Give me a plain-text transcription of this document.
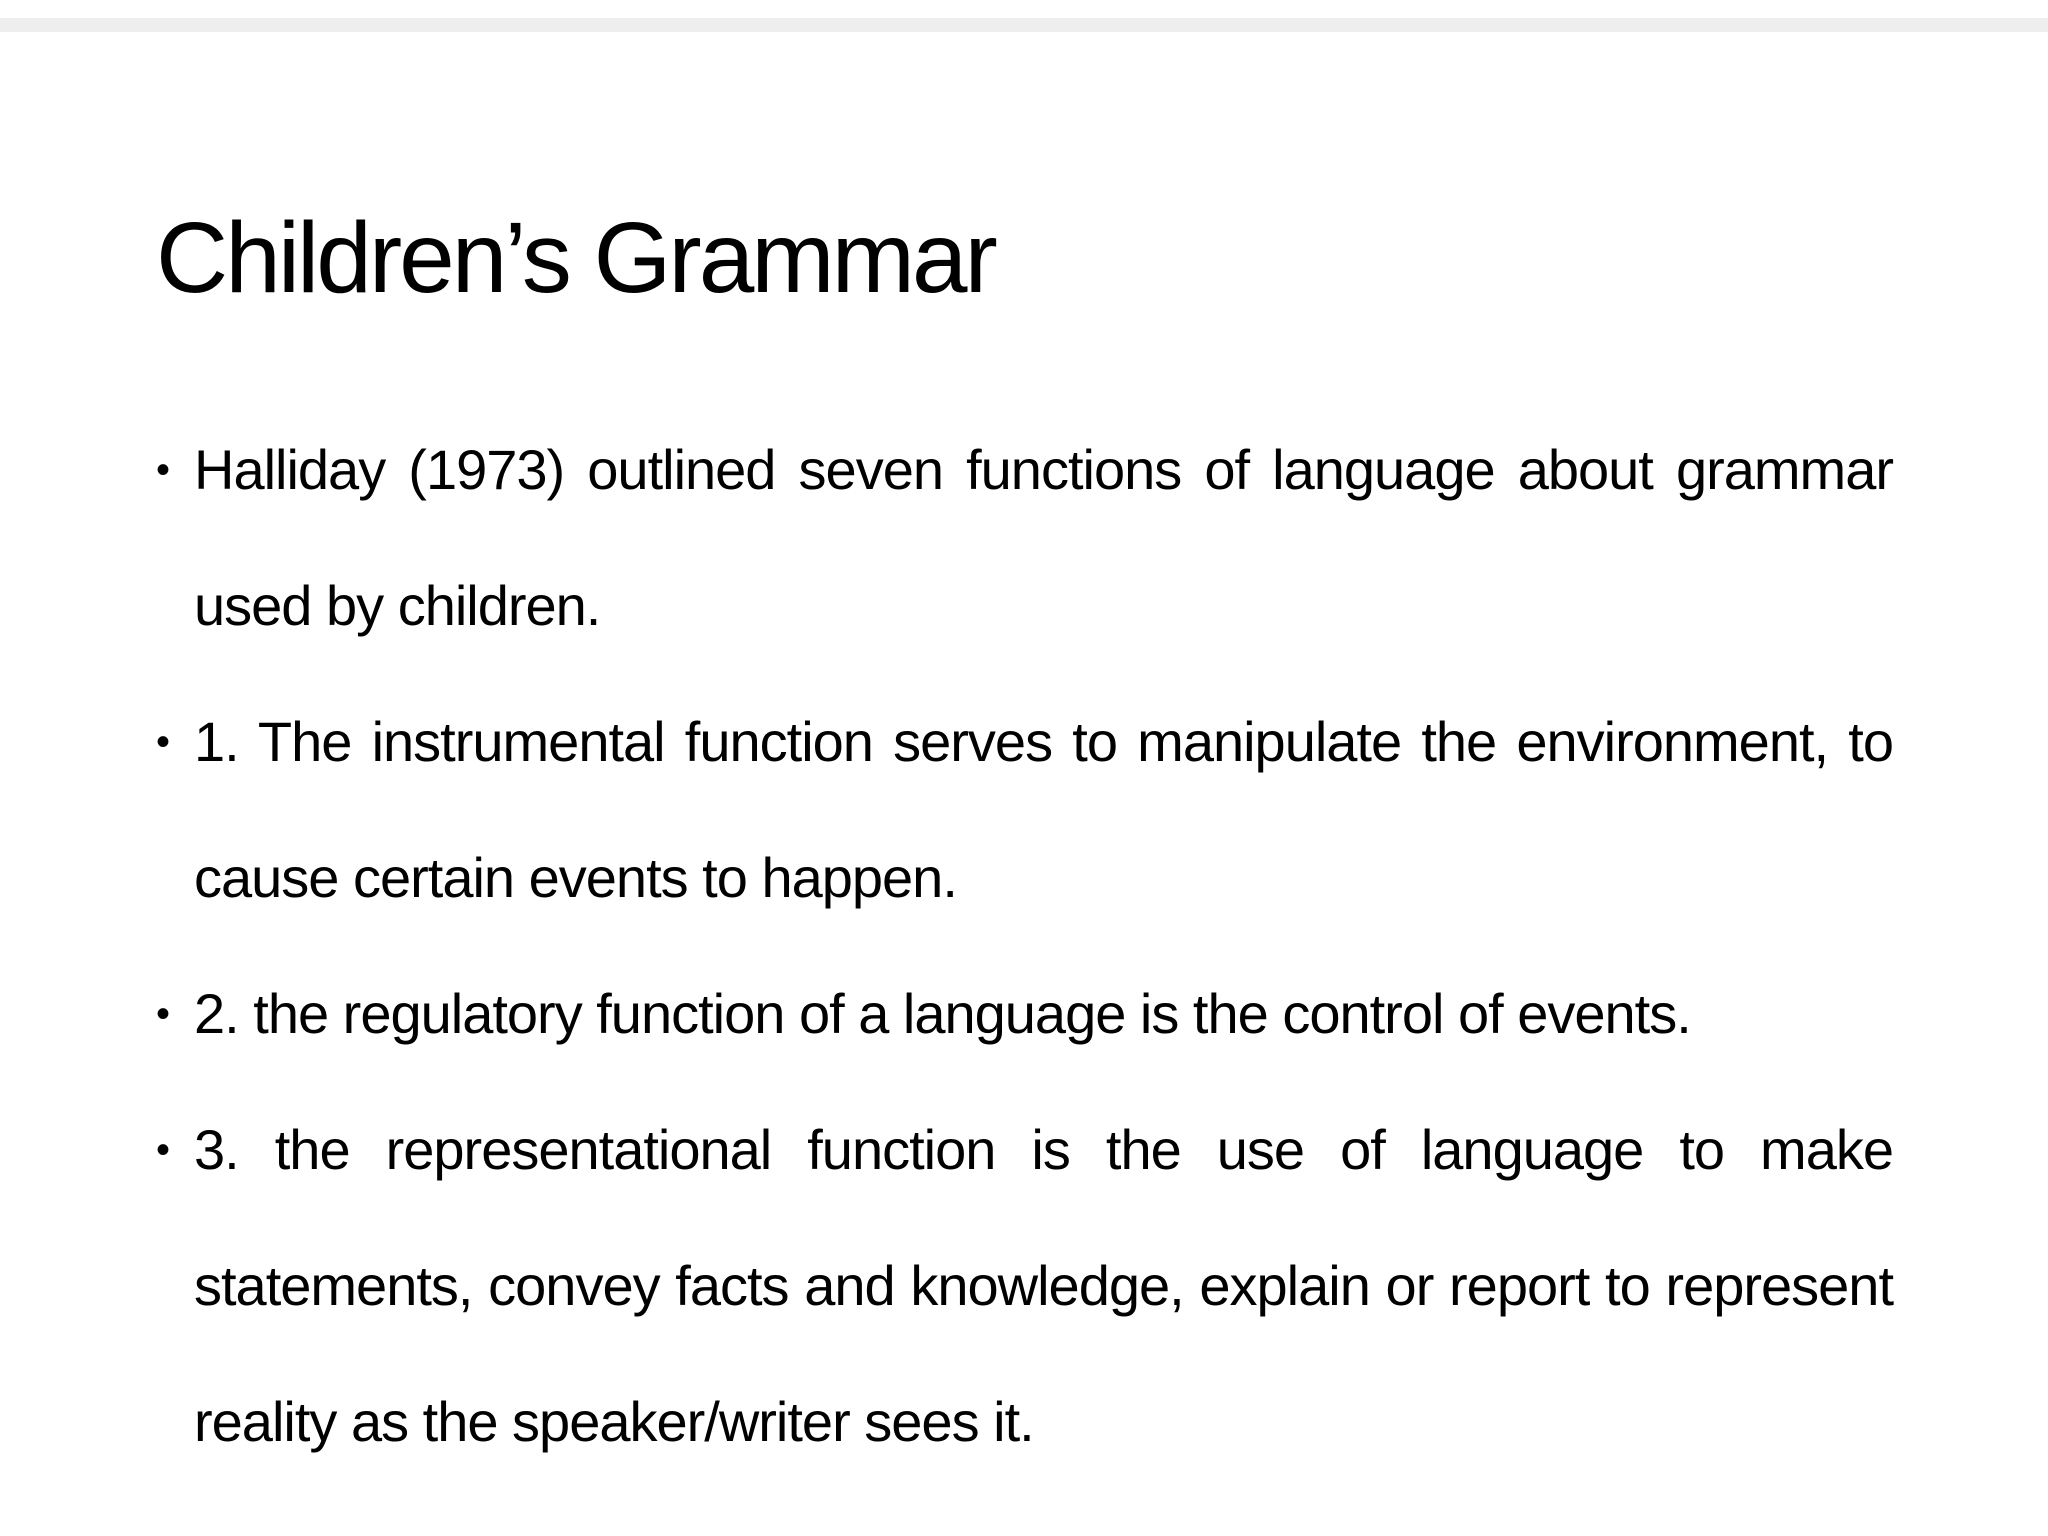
Children’s Grammar
• Halliday (1973) outlined seven functions of language about grammar used by children.
• 1. The instrumental function serves to manipulate the environment, to cause certain events to happen.
• 2. the regulatory function of a language is the control of events.
• 3. the representational function is the use of language to make statements, convey facts and knowledge, explain or report to represent reality as the speaker/writer sees it.
